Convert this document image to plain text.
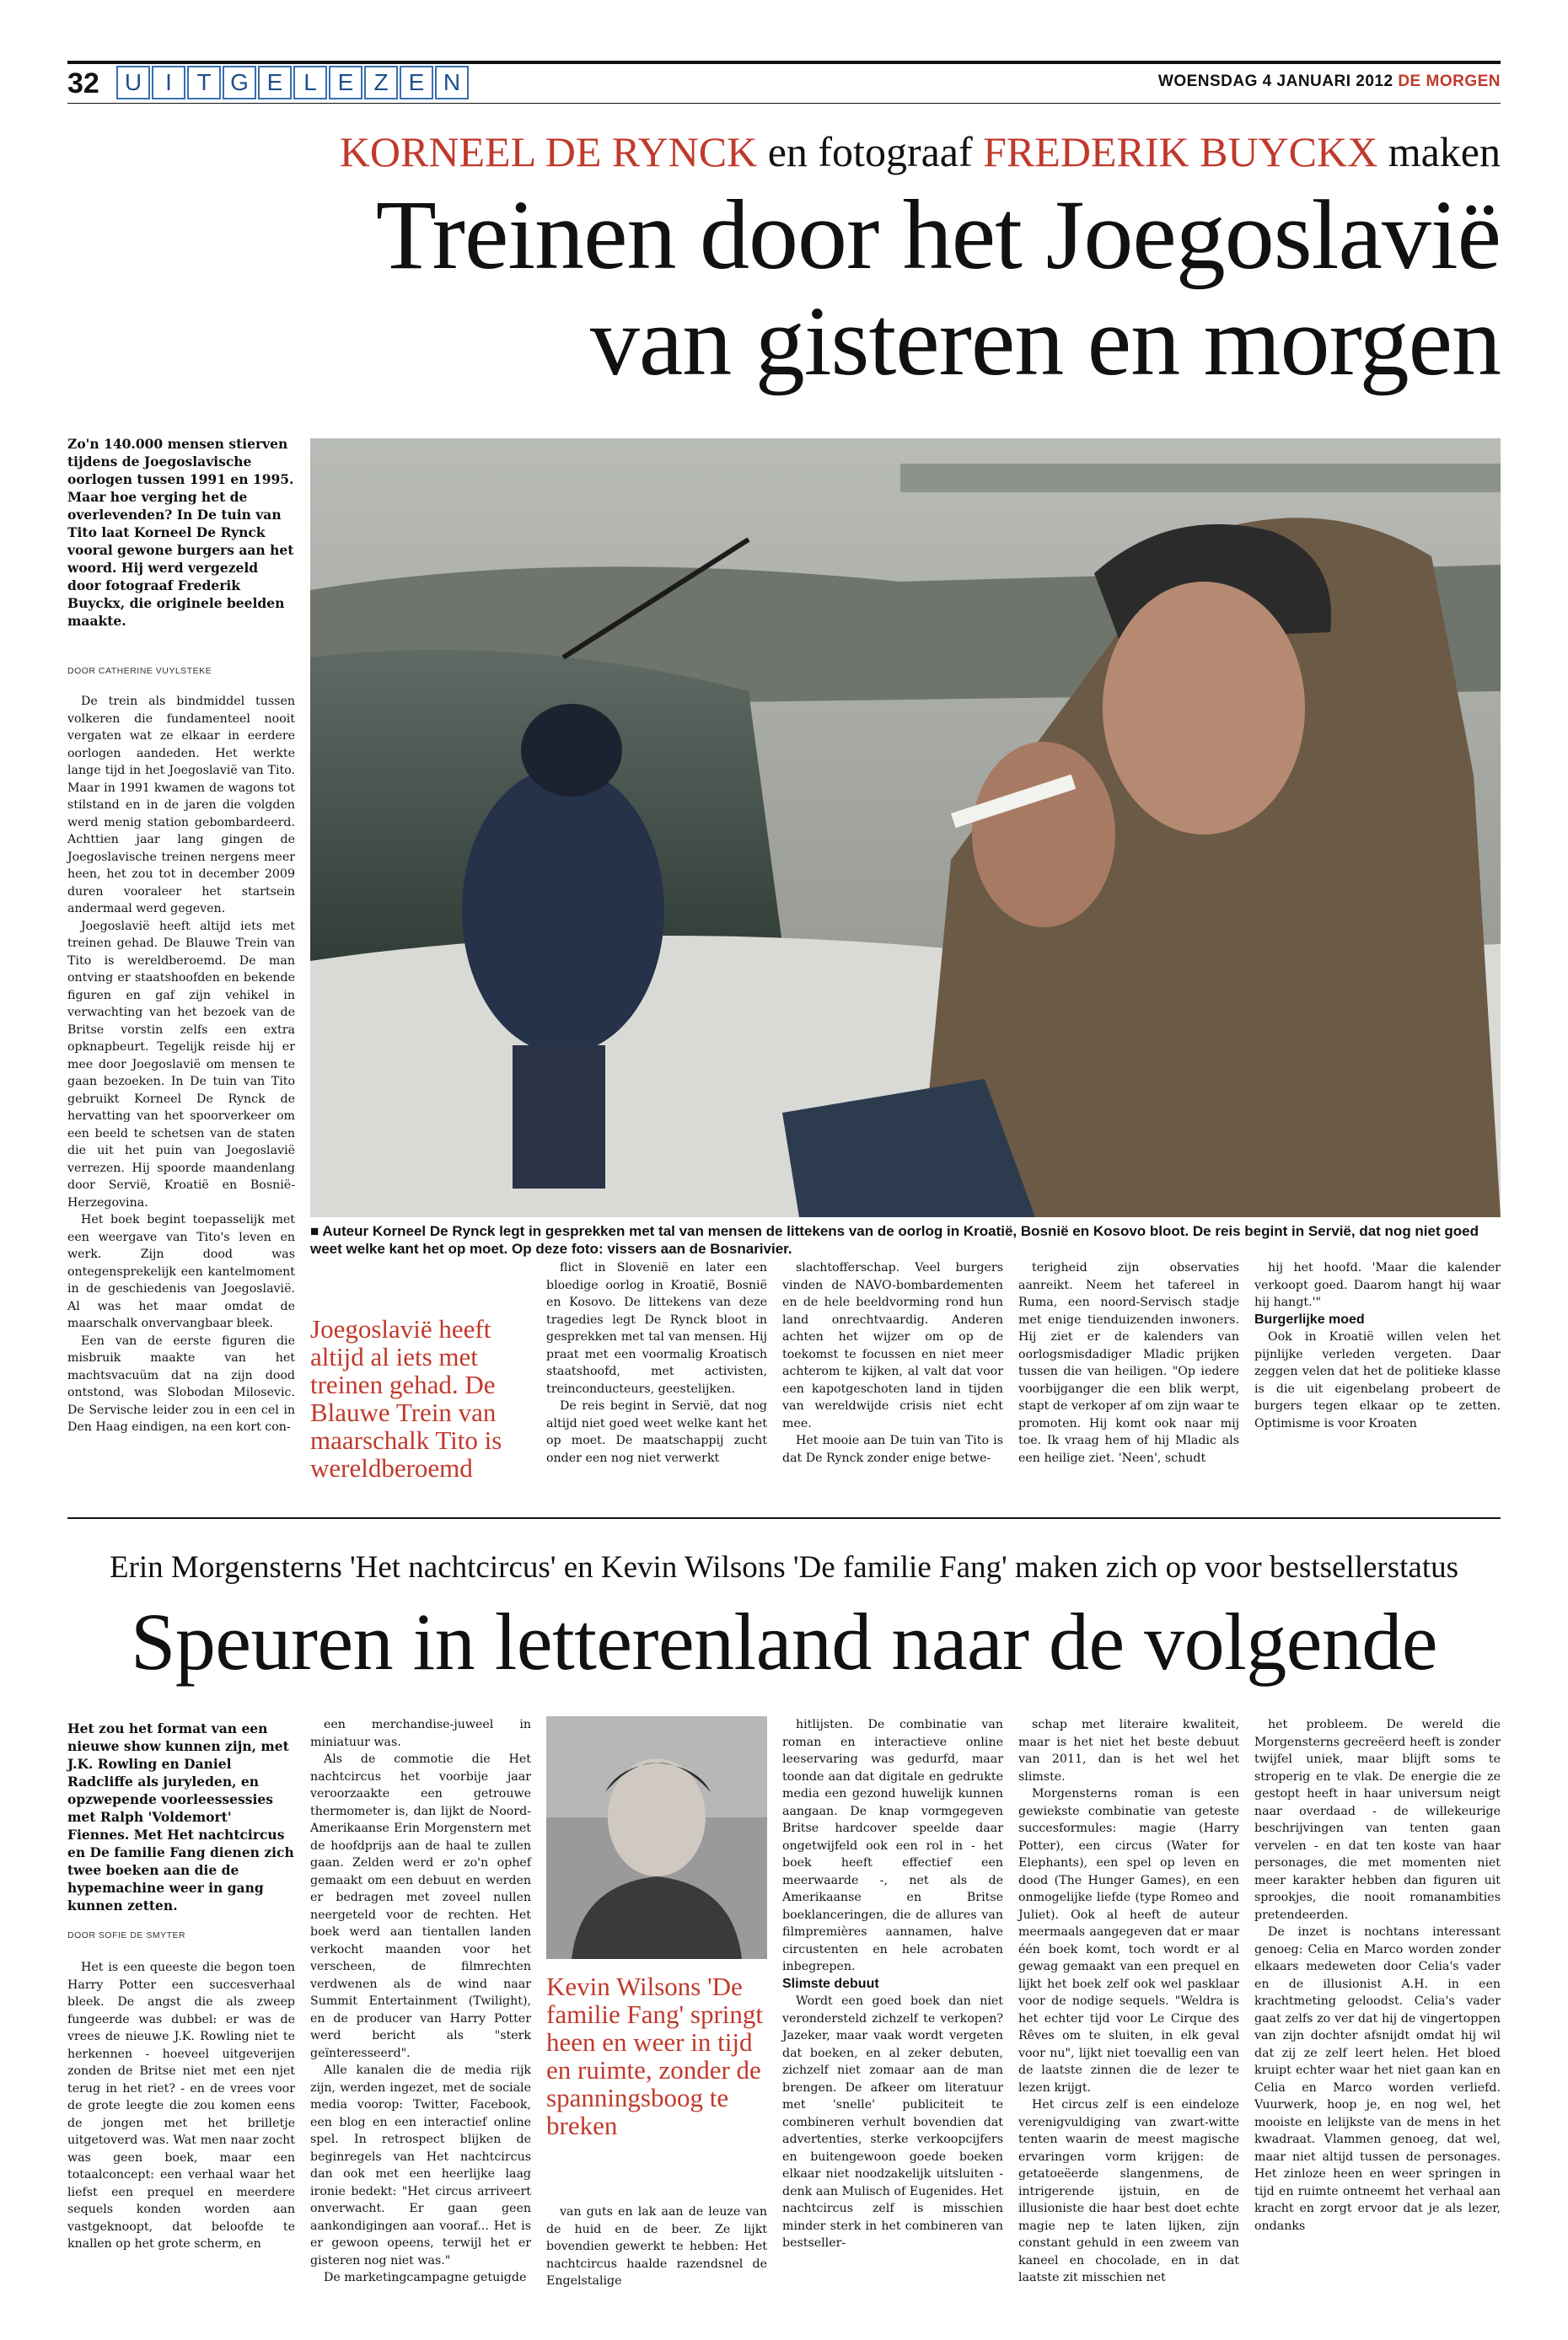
32	U	I	T G E L E Z E N	WOENSDAG 4 JANUARI 2012 DE MORGEN
KORNEEL DE RYNCK en fotograaf FREDERIK BUYCKX maken
Treinen door het Joegoslavië
van gisteren en morgen
Zo'n 140.000 mensen stierven tijdens de Joegoslavische oorlogen tussen 1991 en 1995. Maar hoe verging het de overlevenden? In De tuin van Tito laat Korneel De Rynck vooral gewone burgers aan het woord. Hij werd vergezeld door fotograaf Frederik Buyckx, die originele beelden maakte.
DOOR CATHERINE VUYLSTEKE

De trein als bindmiddel tussen volkeren die fundamenteel nooit vergaten wat ze elkaar in eerdere oorlogen aandeden. Het werkte lange tijd in het Joegoslavië van Tito. Maar in 1991 kwamen de wagons tot stilstand en in de jaren die volgden werd menig station gebombardeerd. Achttien jaar lang gingen de Joegoslavische treinen nergens meer heen, het zou tot in december 2009 duren vooraleer het startsein andermaal werd gegeven.

Joegoslavië heeft altijd iets met treinen gehad. De Blauwe Trein van Tito is wereldberoemd. De man ontving er staatshoofden en bekende figuren en gaf zijn vehikel in verwachting van het bezoek van de Britse vorstin zelfs een extra opknapbeurt. Tegelijk reisde hij er mee door Joegoslavië om mensen te gaan bezoeken. In De tuin van Tito gebruikt Korneel De Rynck de hervatting van het spoorverkeer om een beeld te schetsen van de staten die uit het puin van Joegoslavië verrezen. Hij spoorde maandenlang door Servië, Kroatië en Bosnië-Herzegovina.

Het boek begint toepasselijk met een weergave van Tito's leven en werk. Zijn dood was ontegensprekelijk een kantelmoment in de geschiedenis van Joegoslavië. Al was het maar omdat de maarschalk onvervangbaar bleek.

Een van de eerste figuren die misbruik maakte van het machtsvacuüm dat na zijn dood ontstond, was Slobodan Milosevic. De Servische leider zou in een cel in Den Haag eindigen, na een kort con-

■ Auteur Korneel De Rynck legt in gesprekken met tal van mensen de littekens van de oorlog in Kroatië, Bosnië en Kosovo bloot. De reis begint in Servië, dat nog niet goed weet welke kant het op moet. Op deze foto: vissers aan de Bosnarivier.
Joegoslavië heeft altijd al iets met treinen gehad. De Blauwe Trein van maarschalk Tito is wereldberoemd

flict in Slovenië en later een bloedige oorlog in Kroatië, Bosnië en Kosovo. De littekens van deze tragedies legt De Rynck bloot in gesprekken met tal van mensen. Hij praat met een voormalig Kroatisch staatshoofd, met activisten, treinconducteurs, geestelijken.

De reis begint in Servië, dat nog altijd niet goed weet welke kant het op moet. De maatschappij zucht onder een nog niet verwerkt

slachtofferschap. Veel burgers vinden de NAVO-bombardementen en de hele beeldvorming rond hun land onrechtvaardig. Anderen achten het wijzer om op de toekomst te focussen en niet meer achterom te kijken, al valt dat voor een kapotgeschoten land in tijden van wereldwijde crisis niet echt mee.

Het mooie aan De tuin van Tito is dat De Rynck zonder enige betwe-

terigheid zijn observaties aanreikt. Neem het tafereel in Ruma, een noord-Servisch stadje met enige tienduizenden inwoners. Hij ziet er de kalenders van oorlogsmisdadiger Mladic prijken tussen die van heiligen. "Op iedere voorbijganger die een blik werpt, stapt de verkoper af om zijn waar te promoten. Hij komt ook naar mij toe. Ik vraag hem of hij Mladic als een heilige ziet. 'Neen', schudt

hij het hoofd. 'Maar die kalender verkoopt goed. Daarom hangt hij waar hij hangt.'"

Burgerlijke moed

Ook in Kroatië willen velen het pijnlijke verleden vergeten. Daar zeggen velen dat het de politieke klasse is die uit eigenbelang probeert de burgers tegen elkaar op te zetten. Optimisme is voor Kroaten

Erin Morgensterns 'Het nachtcircus' en Kevin Wilsons 'De familie Fang' maken zich op voor bestsellerstatus
Speuren in letterenland naar de volgende
Het zou het format van een nieuwe show kunnen zijn, met J.K. Rowling en Daniel Radcliffe als juryleden, en opzwepende voorleessessies met Ralph 'Voldemort' Fiennes. Met Het nachtcircus en De familie Fang dienen zich twee boeken aan die de hypemachine weer in gang kunnen zetten.
DOOR SOFIE DE SMYTER

Het is een queeste die begon toen Harry Potter een succesverhaal bleek. De angst die als zweep fungeerde was dubbel: er was de vrees de nieuwe J.K. Rowling niet te herkennen - hoeveel uitgeverijen zonden de Britse niet met een njet terug in het riet? - en de vrees voor de grote leegte die zou komen eens de jongen met het brilletje uitgetoverd was. Wat men naar zocht was geen boek, maar een totaalconcept: een verhaal waar het liefst een prequel en meerdere sequels konden worden aan vastgeknoopt, dat beloofde te knallen op het grote scherm, en

een merchandise-juweel in miniatuur was.

Als de commotie die Het nachtcircus het voorbije jaar veroorzaakte een getrouwe thermometer is, dan lijkt de Noord-Amerikaanse Erin Morgenstern met de hoofdprijs aan de haal te zullen gaan. Zelden werd er zo'n ophef gemaakt om een debuut en werden er bedragen met zoveel nullen neergeteld voor de rechten. Het boek werd aan tientallen landen verkocht maanden voor het verscheen, de filmrechten verdwenen als de wind naar Summit Entertainment (Twilight), en de producer van Harry Potter werd bericht als "sterk geïnteresseerd".

Alle kanalen die de media rijk zijn, werden ingezet, met de sociale media voorop: Twitter, Facebook, een blog en een interactief online spel. In retrospect blijken de beginregels van Het nachtcircus dan ook met een heerlijke laag ironie bedekt: "Het circus arriveert onverwacht. Er gaan geen aankondigingen aan vooraf... Het is er gewoon opeens, terwijl het er gisteren nog niet was."

De marketingcampagne getuigde

Kevin Wilsons 'De familie Fang' springt heen en weer in tijd en ruimte, zonder de spanningsboog te breken

van guts en lak aan de leuze van de huid en de beer. Ze lijkt bovendien gewerkt te hebben: Het nachtcircus haalde razendsnel de Engelstalige

hitlijsten. De combinatie van roman en interactieve online leeservaring was gedurfd, maar toonde aan dat digitale en gedrukte media een gezond huwelijk kunnen aangaan. De knap vormgegeven Britse hardcover speelde daar ongetwijfeld ook een rol in - het boek heeft effectief een meerwaarde -, net als de Amerikaanse en Britse boeklanceringen, die de allures van filmpremières aannamen, halve circustenten en hele acrobaten inbegrepen.

Slimste debuut

Wordt een goed boek dan niet verondersteld zichzelf te verkopen? Jazeker, maar vaak wordt vergeten dat boeken, en al zeker debuten, zichzelf niet zomaar aan de man brengen. De afkeer om literatuur met 'snelle' publiciteit te combineren verhult bovendien dat advertenties, sterke verkoopcijfers en buitengewoon goede boeken elkaar niet noodzakelijk uitsluiten - denk aan Mulisch of Eugenides. Het nachtcircus zelf is misschien minder sterk in het combineren van bestseller-

schap met literaire kwaliteit, maar is het niet het beste debuut van 2011, dan is het wel het slimste.

Morgensterns roman is een gewiekste combinatie van geteste succesformules: magie (Harry Potter), een circus (Water for Elephants), een spel op leven en dood (The Hunger Games), en een onmogelijke liefde (type Romeo and Juliet). Ook al heeft de auteur meermaals aangegeven dat er maar één boek komt, toch wordt er al gewag gemaakt van een prequel en lijkt het boek zelf ook wel pasklaar voor de nodige sequels. "Weldra is het echter tijd voor Le Cirque des Rêves om te sluiten, in elk geval voor nu", lijkt niet toevallig een van de laatste zinnen die de lezer te lezen krijgt.

Het circus zelf is een eindeloze verenigvuldiging van zwart-witte tenten waarin de meest magische ervaringen vorm krijgen: de getatoeëerde slangenmens, de intrigerende ijstuin, en de illusioniste die haar best doet echte magie nep te laten lijken, zijn constant gehuld in een zweem van kaneel en chocolade, en in dat laatste zit misschien net

het probleem. De wereld die Morgensterns gecreëerd heeft is zonder twijfel uniek, maar blijft soms te stroperig en te vlak. De energie die ze gestopt heeft in haar universum neigt naar overdaad - de willekeurige beschrijvingen van tenten gaan vervelen - en dat ten koste van haar personages, die met momenten niet meer karakter hebben dan figuren uit sprookjes, die nooit romanambities pretendeerden.

De inzet is nochtans interessant genoeg: Celia en Marco worden zonder elkaars medeweten door Celia's vader en de illusionist A.H. in een krachtmeting geloodst. Celia's vader gaat zelfs zo ver dat hij de vingertoppen van zijn dochter afsnijdt omdat hij wil dat zij ze zelf leert helen. Het bloed kruipt echter waar het niet gaan kan en Celia en Marco worden verliefd. Vuurwerk, hoop je, en nog wel, het mooiste en lelijkste van de mens in het kwadraat. Vlammen genoeg, dat wel, maar niet altijd tussen de personages. Het zinloze heen en weer springen in tijd en ruimte ontneemt het verhaal aan kracht en zorgt ervoor dat je als lezer, ondanks
